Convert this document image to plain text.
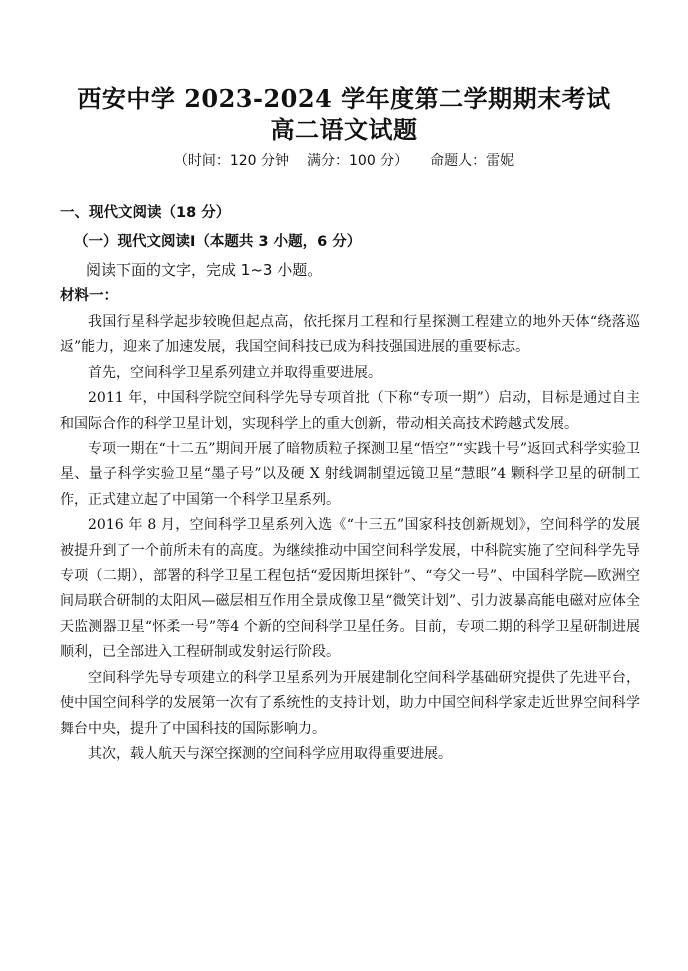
西安中学 2023-2024 学年度第二学期期末考试
高二语文试题
（时间：120 分钟 满分：100 分） 命题人：雷妮
一、现代文阅读（18 分）
（一）现代文阅读Ⅰ（本题共 3 小题，6 分）
阅读下面的文字，完成 1~3 小题。
材料一：

我国行星科学起步较晚但起点高，依托探月工程和行星探测工程建立的地外天体“绕落巡返”能力，迎来了加速发展，我国空间科技已成为科技强国进展的重要标志。

首先，空间科学卫星系列建立并取得重要进展。

2011 年，中国科学院空间科学先导专项首批（下称“专项一期”）启动，目标是通过自主和国际合作的科学卫星计划，实现科学上的重大创新，带动相关高技术跨越式发展。

专项一期在“十二五”期间开展了暗物质粒子探测卫星“悟空”“实践十号”返回式科学实验卫星、量子科学实验卫星“墨子号”以及硬 X 射线调制望远镜卫星“慧眼”4 颗科学卫星的研制工作，正式建立起了中国第一个科学卫星系列。

2016 年 8 月，空间科学卫星系列入选《“十三五”国家科技创新规划》，空间科学的发展被提升到了一个前所未有的高度。为继续推动中国空间科学发展，中科院实施了空间科学先导专项（二期），部署的科学卫星工程包括“爱因斯坦探针”、“夸父一号”、中国科学院—欧洲空间局联合研制的太阳风—磁层相互作用全景成像卫星“微笑计划”、引力波暴高能电磁对应体全天监测器卫星“怀柔一号”等4 个新的空间科学卫星任务。目前，专项二期的科学卫星研制进展顺利，已全部进入工程研制或发射运行阶段。

空间科学先导专项建立的科学卫星系列为开展建制化空间科学基础研究提供了先进平台，使中国空间科学的发展第一次有了系统性的支持计划，助力中国空间科学家走近世界空间科学舞台中央，提升了中国科技的国际影响力。

其次，载人航天与深空探测的空间科学应用取得重要进展。
